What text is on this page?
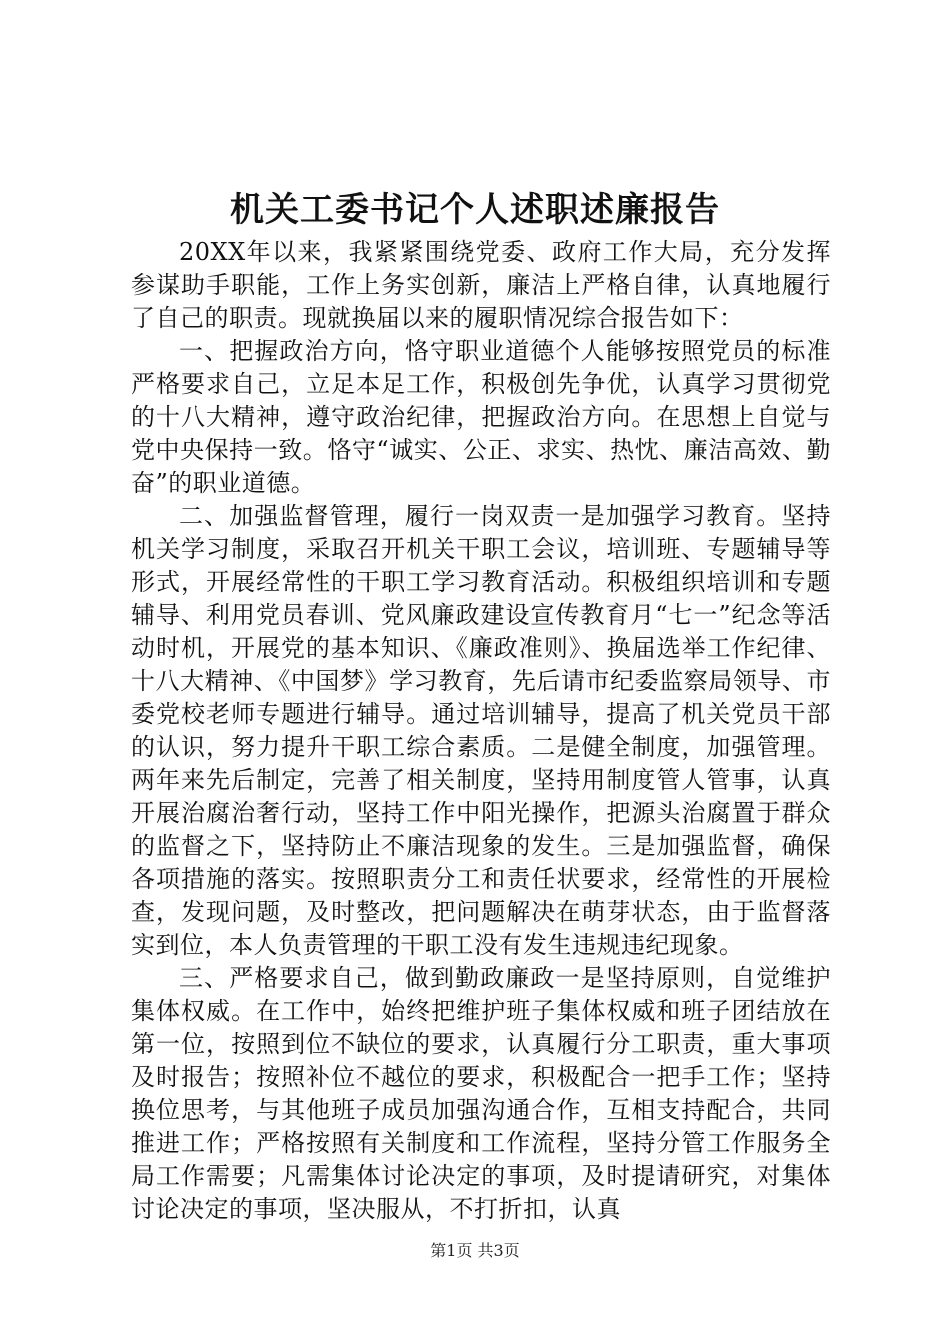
机关工委书记个人述职述廉报告

20XX年以来，我紧紧围绕党委、政府工作大局，充分发挥参谋助手职能，工作上务实创新，廉洁上严格自律，认真地履行了自己的职责。现就换届以来的履职情况综合报告如下：

一、把握政治方向，恪守职业道德个人能够按照党员的标准严格要求自己，立足本足工作，积极创先争优，认真学习贯彻党的十八大精神，遵守政治纪律，把握政治方向。在思想上自觉与党中央保持一致。恪守“诚实、公正、求实、热忱、廉洁高效、勤奋”的职业道德。

二、加强监督管理，履行一岗双责一是加强学习教育。坚持机关学习制度，采取召开机关干职工会议，培训班、专题辅导等形式，开展经常性的干职工学习教育活动。积极组织培训和专题辅导、利用党员春训、党风廉政建设宣传教育月“七一”纪念等活动时机，开展党的基本知识、《廉政准则》、换届选举工作纪律、十八大精神、《中国梦》学习教育，先后请市纪委监察局领导、市委党校老师专题进行辅导。通过培训辅导，提高了机关党员干部的认识，努力提升干职工综合素质。二是健全制度，加强管理。两年来先后制定，完善了相关制度，坚持用制度管人管事，认真开展治腐治奢行动，坚持工作中阳光操作，把源头治腐置于群众的监督之下，坚持防止不廉洁现象的发生。三是加强监督，确保各项措施的落实。按照职责分工和责任状要求，经常性的开展检查，发现问题，及时整改，把问题解决在萌芽状态，由于监督落实到位，本人负责管理的干职工没有发生违规违纪现象。

三、严格要求自己，做到勤政廉政一是坚持原则，自觉维护集体权威。在工作中，始终把维护班子集体权威和班子团结放在第一位，按照到位不缺位的要求，认真履行分工职责，重大事项及时报告；按照补位不越位的要求，积极配合一把手工作；坚持换位思考，与其他班子成员加强沟通合作，互相支持配合，共同推进工作；严格按照有关制度和工作流程，坚持分管工作服务全局工作需要；凡需集体讨论决定的事项，及时提请研究，对集体讨论决定的事项，坚决服从，不打折扣，认真

第1页 共3页
